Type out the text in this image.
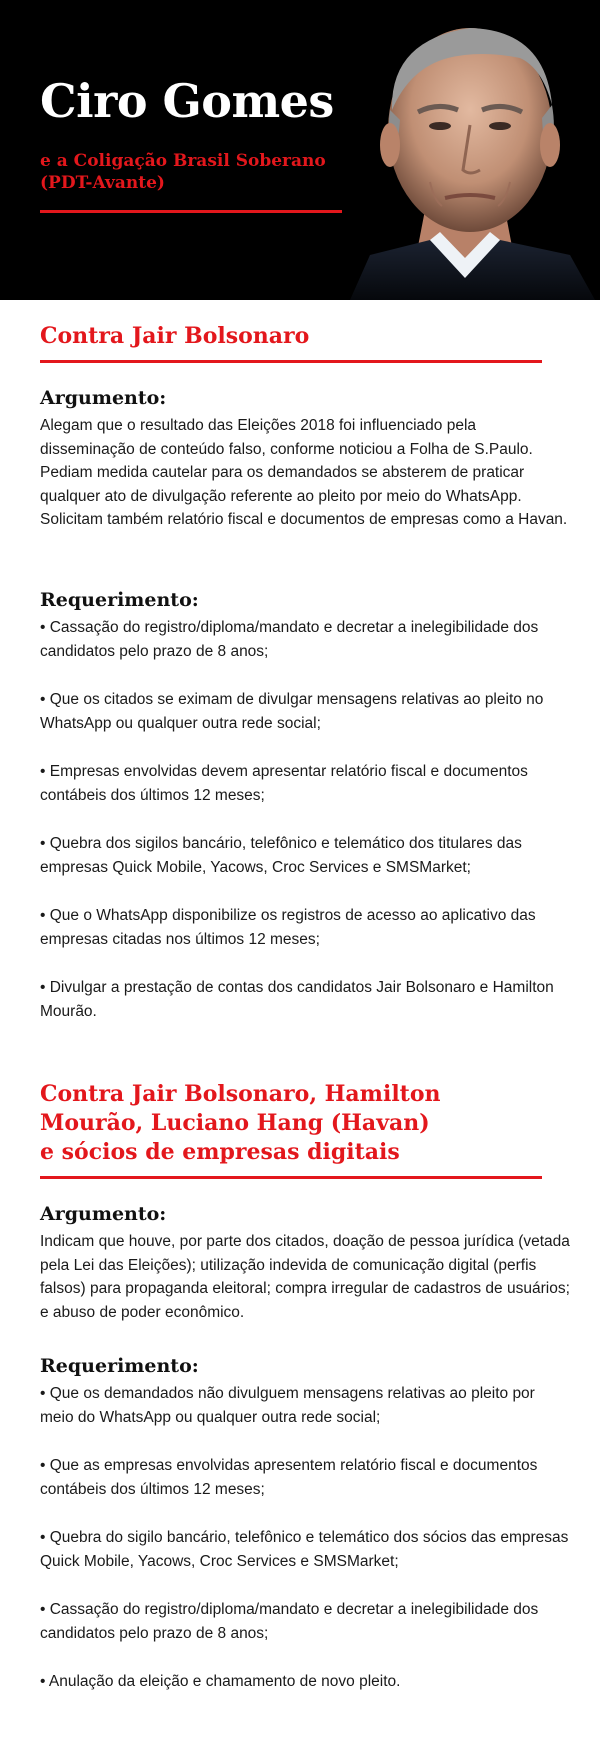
Ciro Gomes

e a Coligação Brasil Soberano (PDT-Avante)

Contra Jair Bolsonaro

Argumento:

Alegam que o resultado das Eleições 2018 foi influenciado pela disseminação de conteúdo falso, conforme noticiou a Folha de S.Paulo. Pediam medida cautelar para os demandados se absterem de praticar qualquer ato de divulgação referente ao pleito por meio do WhatsApp. Solicitam também relatório fiscal e documentos de empresas como a Havan.

Requerimento:

• Cassação do registro/diploma/mandato e decretar a inelegibilidade dos candidatos pelo prazo de 8 anos;
• Que os citados se eximam de divulgar mensagens relativas ao pleito no WhatsApp ou qualquer outra rede social;
• Empresas envolvidas devem apresentar relatório fiscal e documentos contábeis dos últimos 12 meses;
• Quebra dos sigilos bancário, telefônico e telemático dos titulares das empresas Quick Mobile, Yacows, Croc Services e SMSMarket;
• Que o WhatsApp disponibilize os registros de acesso ao aplicativo das empresas citadas nos últimos 12 meses;
• Divulgar a prestação de contas dos candidatos Jair Bolsonaro e Hamilton Mourão.
Contra Jair Bolsonaro, Hamilton
Mourão, Luciano Hang (Havan)
e sócios de empresas digitais

Argumento:

Indicam que houve, por parte dos citados, doação de pessoa jurídica (vetada pela Lei das Eleições); utilização indevida de comunicação digital (perfis falsos) para propaganda eleitoral; compra irregular de cadastros de usuários; e abuso de poder econômico.

Requerimento:

• Que os demandados não divulguem mensagens relativas ao pleito por meio do WhatsApp ou qualquer outra rede social;
• Que as empresas envolvidas apresentem relatório fiscal e documentos contábeis dos últimos 12 meses;
• Quebra do sigilo bancário, telefônico e telemático dos sócios das empresas Quick Mobile, Yacows, Croc Services e SMSMarket;
• Cassação do registro/diploma/mandato e decretar a inelegibilidade dos candidatos pelo prazo de 8 anos;
• Anulação da eleição e chamamento de novo pleito.
